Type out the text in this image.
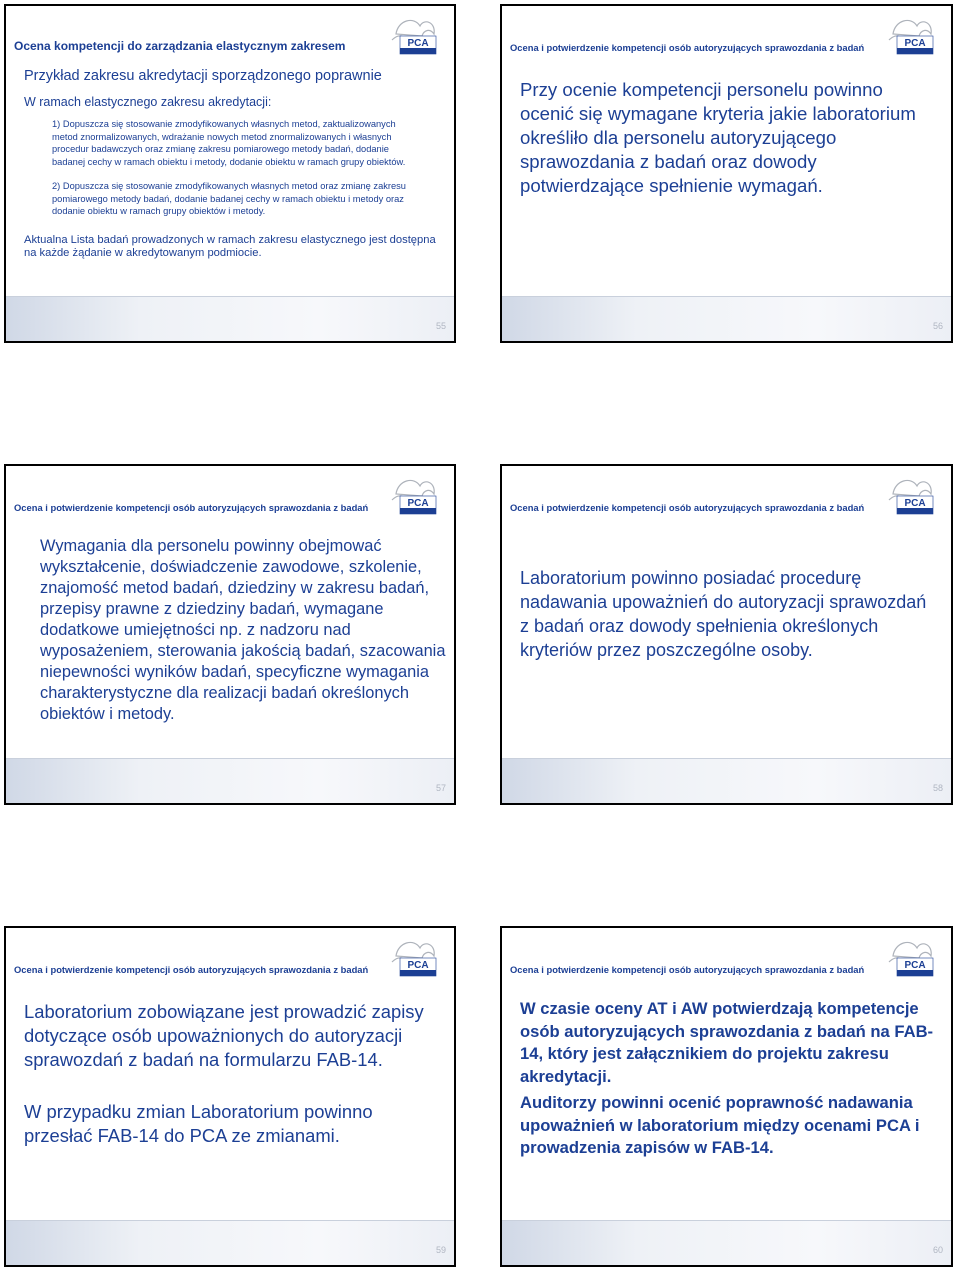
Ocena kompetencji do zarządzania elastycznym zakresem	PCA
Przykład zakresu akredytacji sporządzonego poprawnie
W ramach elastycznego zakresu akredytacji:
1) Dopuszcza się stosowanie zmodyfikowanych własnych metod, zaktualizowanych metod znormalizowanych, wdrażanie nowych metod znormalizowanych i własnych procedur badawczych oraz zmianę zakresu pomiarowego metody badań, dodanie badanej cechy w ramach obiektu i metody, dodanie obiektu w ramach grupy obiektów.
2) Dopuszcza się stosowanie zmodyfikowanych własnych metod oraz zmianę zakresu pomiarowego metody badań, dodanie badanej cechy w ramach obiektu i metody oraz dodanie obiektu w ramach grupy obiektów i metody.
Aktualna Lista badań prowadzonych w ramach zakresu elastycznego jest dostępna na każde żądanie w akredytowanym podmiocie.
55
Ocena i potwierdzenie kompetencji osób autoryzujących sprawozdania z badań	PCA
Przy ocenie kompetencji personelu powinno ocenić się wymagane kryteria jakie laboratorium określiło dla personelu autoryzującego sprawozdania z badań oraz dowody potwierdzające spełnienie wymagań.
56
Ocena i potwierdzenie kompetencji osób autoryzujących sprawozdania z badań	PCA
Wymagania dla personelu powinny obejmować wykształcenie, doświadczenie zawodowe, szkolenie, znajomość metod badań, dziedziny w zakresu badań, przepisy prawne z dziedziny badań, wymagane dodatkowe umiejętności np. z nadzoru nad wyposażeniem, sterowania jakością badań, szacowania niepewności wyników badań, specyficzne wymagania charakterystyczne dla realizacji badań określonych obiektów i metody.
57
Ocena i potwierdzenie kompetencji osób autoryzujących sprawozdania z badań	PCA
Laboratorium powinno posiadać procedurę nadawania upoważnień do autoryzacji sprawozdań z badań oraz dowody spełnienia określonych kryteriów przez poszczególne osoby.
58
Ocena i potwierdzenie kompetencji osób autoryzujących sprawozdania z badań	PCA
Laboratorium zobowiązane jest prowadzić zapisy dotyczące osób upoważnionych do autoryzacji sprawozdań z badań na formularzu FAB-14.
W przypadku zmian Laboratorium powinno przesłać FAB-14 do PCA ze zmianami.
59
Ocena i potwierdzenie kompetencji osób autoryzujących sprawozdania z badań	PCA
W czasie oceny AT i AW potwierdzają kompetencje osób autoryzujących sprawozdania z badań na FAB-14, który jest załącznikiem do projektu zakresu akredytacji.
Auditorzy powinni ocenić poprawność nadawania upoważnień w laboratorium między ocenami PCA i prowadzenia zapisów w FAB-14.
60
